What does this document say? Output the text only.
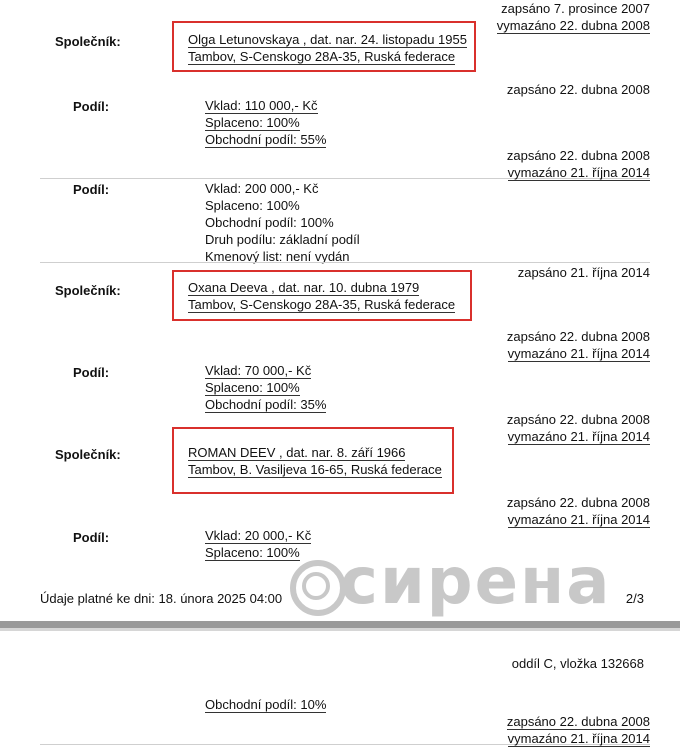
сирена
zapsáno 7. prosince 2007
vymazáno 22. dubna 2008
Společník:	Olga Letunovskaya , dat. nar. 24. listopadu 1955
Tambov, S-Censkogo 28A-35, Ruská federace
zapsáno 22. dubna 2008
Podíl:	Vklad: 110 000,- Kč
Splaceno: 100%
Obchodní podíl: 55%
zapsáno 22. dubna 2008
vymazáno 21. října 2014
Podíl:	Vklad: 200 000,- Kč
Splaceno: 100%
Obchodní podíl: 100%
Druh podílu: základní podíl
Kmenový list: není vydán
zapsáno 21. října 2014
Společník:	Oxana Deeva , dat. nar. 10. dubna 1979
Tambov, S-Censkogo 28A-35, Ruská federace
zapsáno 22. dubna 2008
vymazáno 21. října 2014
Podíl:	Vklad: 70 000,- Kč
Splaceno: 100%
Obchodní podíl: 35%
zapsáno 22. dubna 2008
vymazáno 21. října 2014
Společník:	ROMAN DEEV , dat. nar. 8. září 1966
Tambov, B. Vasiljeva 16-65, Ruská federace
zapsáno 22. dubna 2008
vymazáno 21. října 2014
Podíl:	Vklad: 20 000,- Kč
Splaceno: 100%
Údaje platné ke dni: 18. února 2025 04:00	2/3
oddíl C, vložka 132668
Obchodní podíl: 10%
zapsáno 22. dubna 2008
vymazáno 21. října 2014
